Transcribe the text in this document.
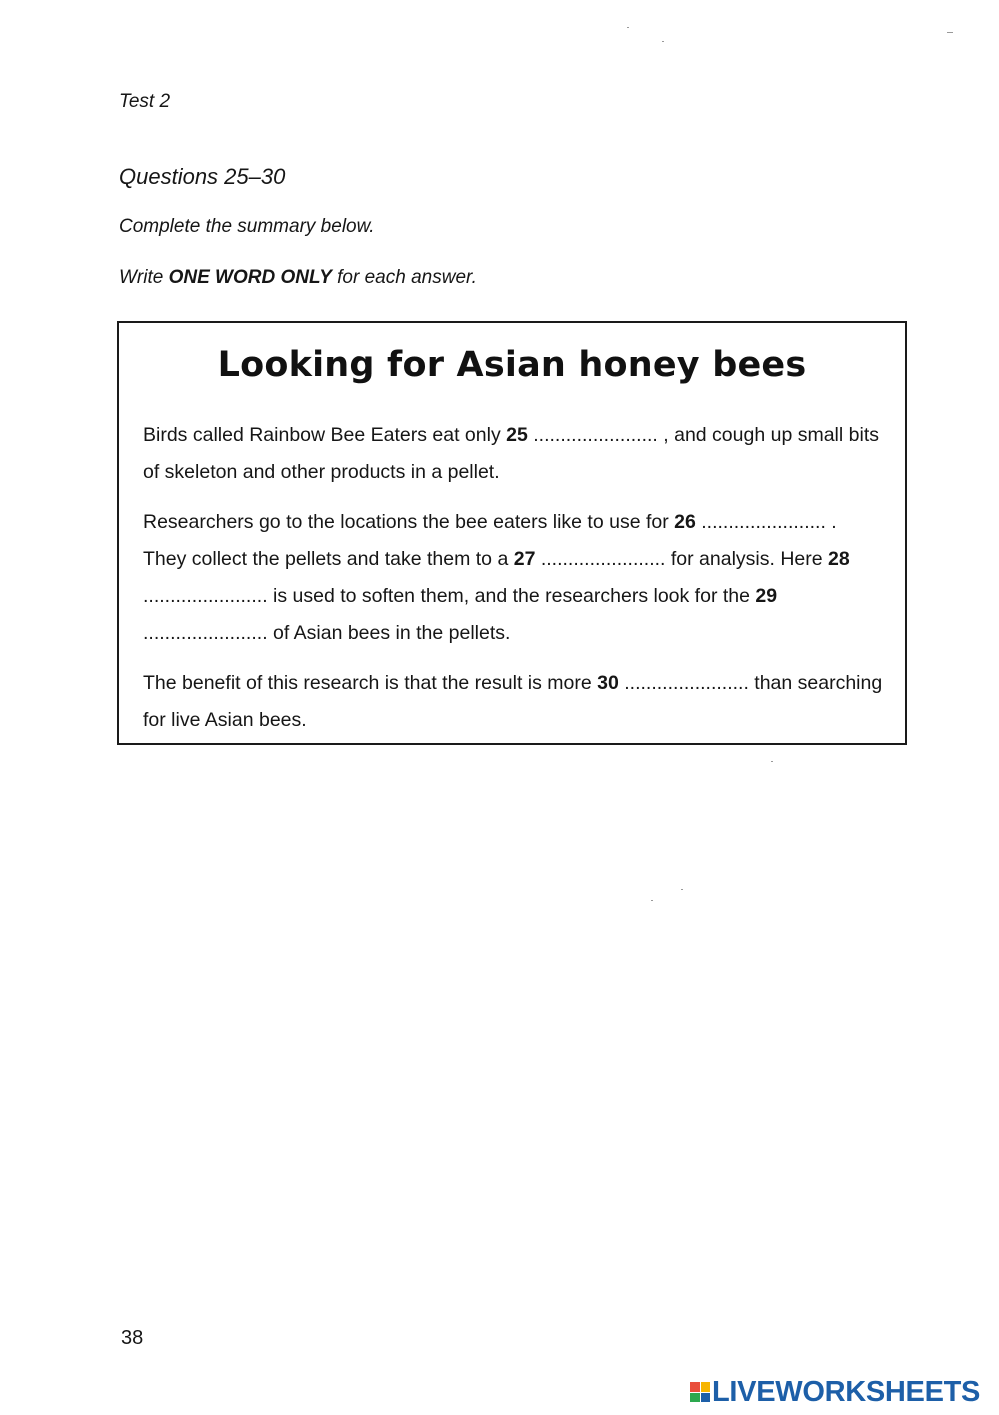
Test 2
Questions 25–30
Complete the summary below.
Write ONE WORD ONLY for each answer.
Looking for Asian honey bees

Birds called Rainbow Bee Eaters eat only 25 ....................... , and cough up small bits of skeleton and other products in a pellet.

Researchers go to the locations the bee eaters like to use for 26 ....................... . They collect the pellets and take them to a 27 ....................... for analysis. Here 28 ....................... is used to soften them, and the researchers look for the 29 ....................... of Asian bees in the pellets.

The benefit of this research is that the result is more 30 ....................... than searching for live Asian bees.

38
LIVEWORKSHEETS
